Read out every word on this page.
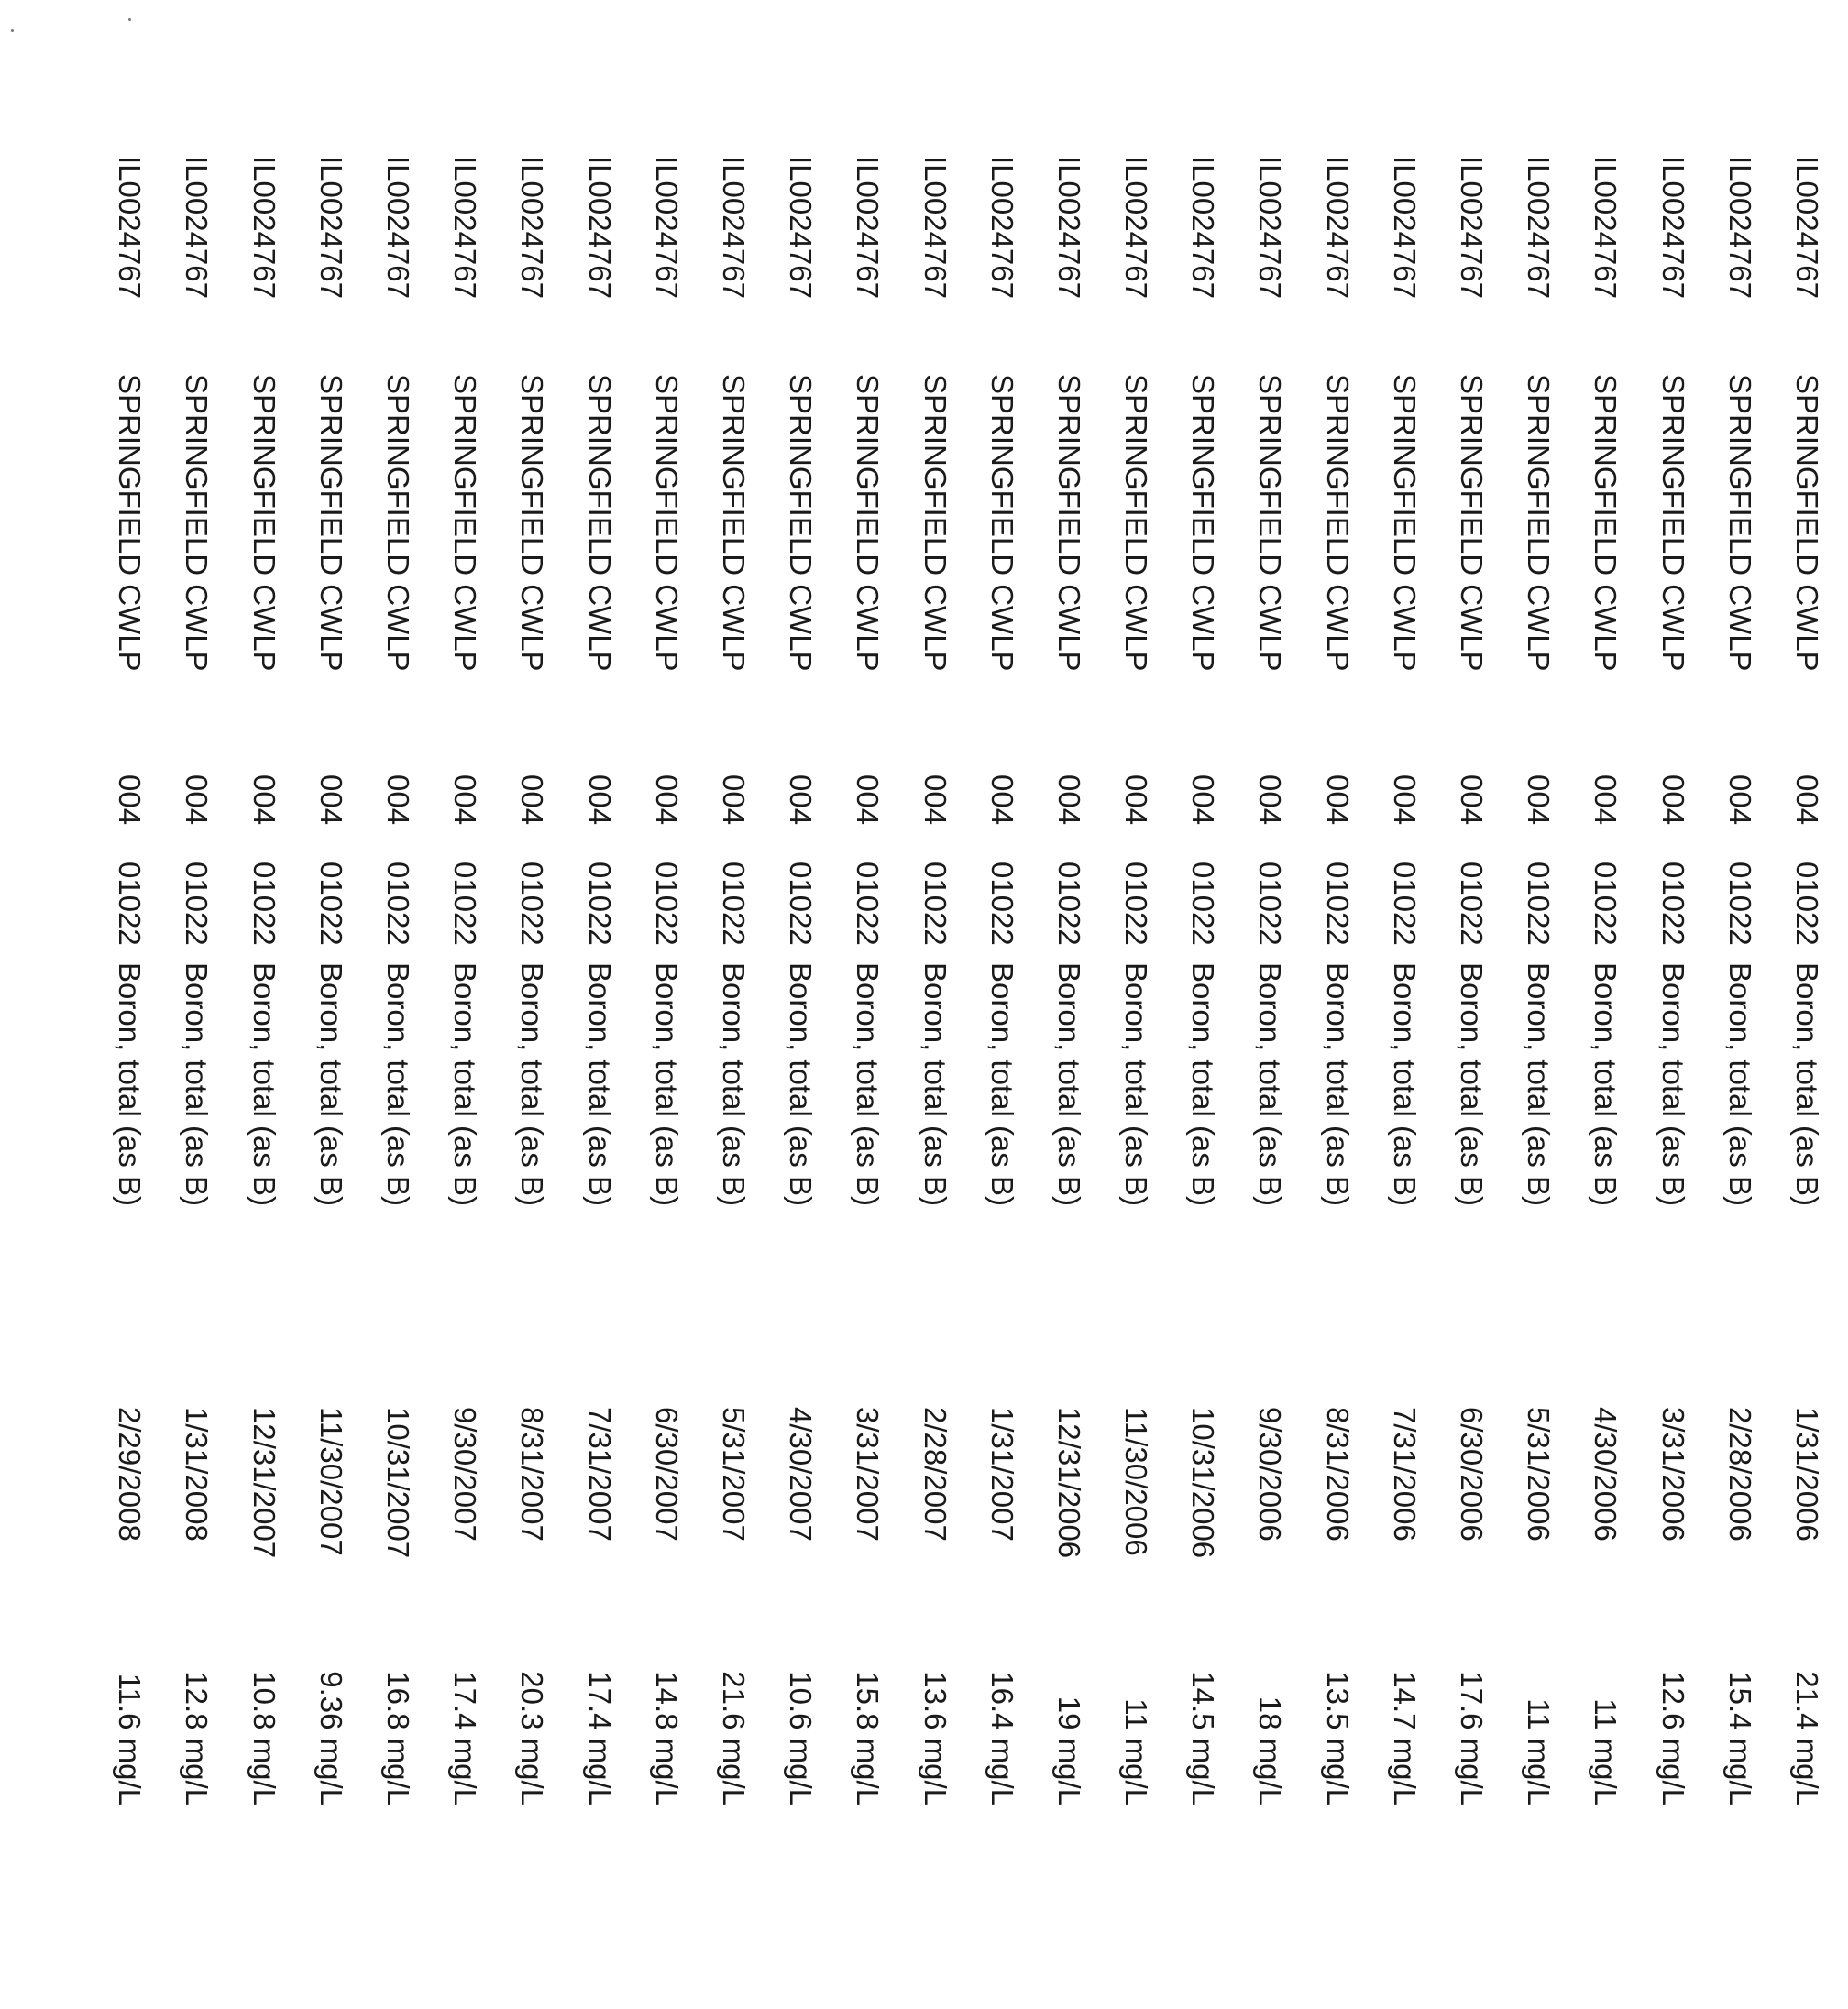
IL0024767
SPRINGFIELD CWLP
004
01022
Boron, total (as B)
1/31/2006
21.4 mg/L
IL0024767
SPRINGFIELD CWLP
004
01022
Boron, total (as B)
2/28/2006
15.4 mg/L
IL0024767
SPRINGFIELD CWLP
004
01022
Boron, total (as B)
3/31/2006
12.6 mg/L
IL0024767
SPRINGFIELD CWLP
004
01022
Boron, total (as B)
4/30/2006
11 mg/L
IL0024767
SPRINGFIELD CWLP
004
01022
Boron, total (as B)
5/31/2006
11 mg/L
IL0024767
SPRINGFIELD CWLP
004
01022
Boron, total (as B)
6/30/2006
17.6 mg/L
IL0024767
SPRINGFIELD CWLP
004
01022
Boron, total (as B)
7/31/2006
14.7 mg/L
IL0024767
SPRINGFIELD CWLP
004
01022
Boron, total (as B)
8/31/2006
13.5 mg/L
IL0024767
SPRINGFIELD CWLP
004
01022
Boron, total (as B)
9/30/2006
18 mg/L
IL0024767
SPRINGFIELD CWLP
004
01022
Boron, total (as B)
10/31/2006
14.5 mg/L
IL0024767
SPRINGFIELD CWLP
004
01022
Boron, total (as B)
11/30/2006
11 mg/L
IL0024767
SPRINGFIELD CWLP
004
01022
Boron, total (as B)
12/31/2006
19 mg/L
IL0024767
SPRINGFIELD CWLP
004
01022
Boron, total (as B)
1/31/2007
16.4 mg/L
IL0024767
SPRINGFIELD CWLP
004
01022
Boron, total (as B)
2/28/2007
13.6 mg/L
IL0024767
SPRINGFIELD CWLP
004
01022
Boron, total (as B)
3/31/2007
15.8 mg/L
IL0024767
SPRINGFIELD CWLP
004
01022
Boron, total (as B)
4/30/2007
10.6 mg/L
IL0024767
SPRINGFIELD CWLP
004
01022
Boron, total (as B)
5/31/2007
21.6 mg/L
IL0024767
SPRINGFIELD CWLP
004
01022
Boron, total (as B)
6/30/2007
14.8 mg/L
IL0024767
SPRINGFIELD CWLP
004
01022
Boron, total (as B)
7/31/2007
17.4 mg/L
IL0024767
SPRINGFIELD CWLP
004
01022
Boron, total (as B)
8/31/2007
20.3 mg/L
IL0024767
SPRINGFIELD CWLP
004
01022
Boron, total (as B)
9/30/2007
17.4 mg/L
IL0024767
SPRINGFIELD CWLP
004
01022
Boron, total (as B)
10/31/2007
16.8 mg/L
IL0024767
SPRINGFIELD CWLP
004
01022
Boron, total (as B)
11/30/2007
9.36 mg/L
IL0024767
SPRINGFIELD CWLP
004
01022
Boron, total (as B)
12/31/2007
10.8 mg/L
IL0024767
SPRINGFIELD CWLP
004
01022
Boron, total (as B)
1/31/2008
12.8 mg/L
IL0024767
SPRINGFIELD CWLP
004
01022
Boron, total (as B)
2/29/2008
11.6 mg/L
